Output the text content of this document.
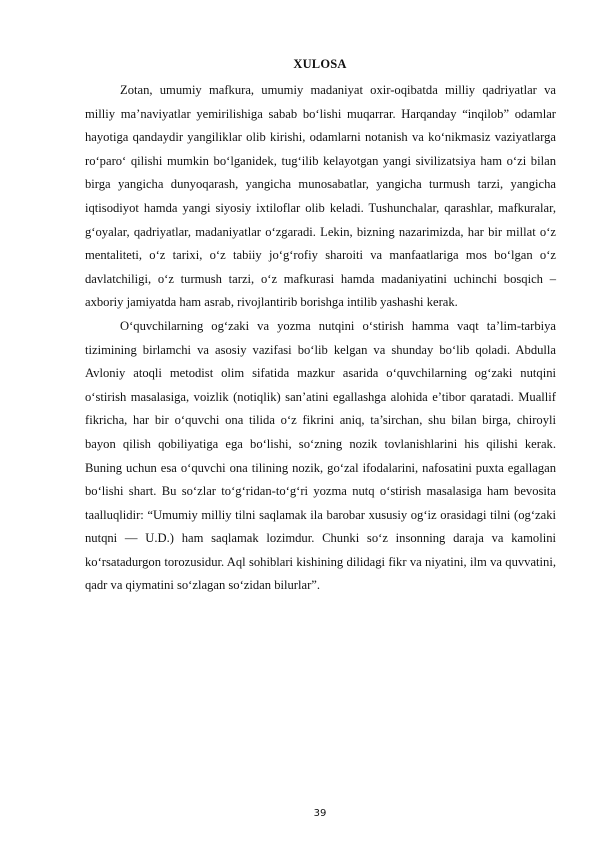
XULOSA

Zotan, umumiy mafkura, umumiy madaniyat oxir-oqibatda milliy qadriyatlar va milliy maʼnaviyatlar yemirilishiga sabab boʻlishi muqarrar. Harqanday “inqilob” odamlar hayotiga qandaydir yangiliklar olib kirishi, odamlarni notanish va koʻnikmasiz vaziyatlarga roʻparoʻ qilishi mumkin boʻlganidek, tugʻilib kelayotgan yangi sivilizatsiya ham oʻzi bilan birga yangicha dunyoqarash, yangicha munosabatlar, yangicha turmush tarzi, yangicha iqtisodiyot hamda yangi siyosiy ixtiloflar olib keladi. Tushunchalar, qarashlar, mafkuralar, gʻoyalar, qadriyatlar, madaniyatlar oʻzgaradi. Lekin, bizning nazarimizda, har bir millat oʻz mentaliteti, oʻz tarixi, oʻz tabiiy joʻgʻrofiy sharoiti va manfaatlariga mos boʻlgan oʻz davlatchiligi, oʻz turmush tarzi, oʻz mafkurasi hamda madaniyatini uchinchi bosqich – axboriy jamiyatda ham asrab, rivojlantirib borishga intilib yashashi kerak.

O‘quvchilarning og‘zaki va yozma nutqini o‘stirish hamma vaqt ta’lim-tarbiya tizimining birlamchi va asosiy vazifasi bo‘lib kelgan va shunday bo‘lib qoladi. Abdulla Avloniy atoqli metodist olim sifatida mazkur asarida o‘quvchilarning og‘zaki nutqini o‘stirish masalasiga, voizlik (notiqlik) san’atini egallashga alohida e’tibor qaratadi. Muallif fikricha, har bir o‘quvchi ona tilida o‘z fikrini aniq, ta’sirchan, shu bilan birga, chiroyli bayon qilish qobiliyatiga ega bo‘lishi, so‘zning nozik tovlanishlarini his qilishi kerak. Buning uchun esa o‘quvchi ona tilining nozik, go‘zal ifodalarini, nafosatini puxta egallagan bo‘lishi shart. Bu so‘zlar to‘g‘ridan-to‘g‘ri yozma nutq o‘stirish masalasiga ham bevosita taalluqlidir: “Umumiy milliy tilni saqlamak ila barobar xususiy og‘iz orasidagi tilni (og‘zaki nutqni — U.D.) ham saqlamak lozimdur. Chunki so‘z insonning daraja va kamolini ko‘rsatadurgon torozusidur. Aql sohiblari kishining dilidagi fikr va niyatini, ilm va quvvatini, qadr va qiymatini so‘zlagan so‘zidan bilurlar”.

39
